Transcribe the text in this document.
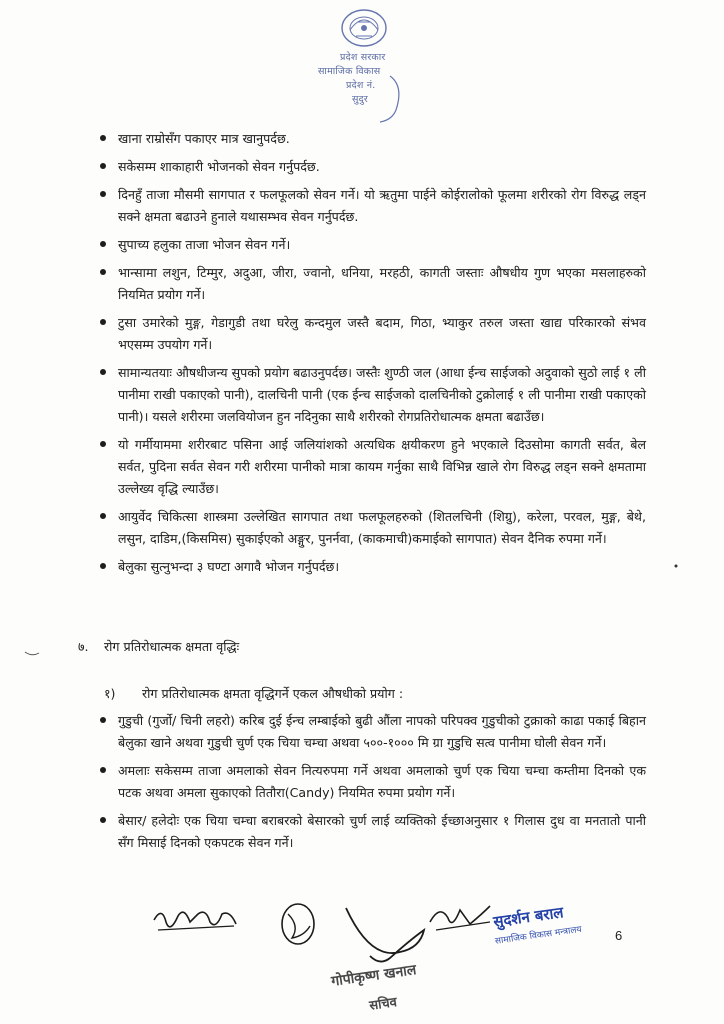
प्रदेश सरकार
सामाजिक विकास
प्रदेश नं.
सुदुर
खाना राम्रोसँग पकाएर मात्र खानुपर्दछ.
सकेसम्म शाकाहारी भोजनको सेवन गर्नुपर्दछ.
दिनहुँ ताजा मौसमी सागपात र फलफूलको सेवन गर्ने। यो ऋतुमा पाईने कोईरालोको फूलमा शरीरको रोग विरुद्ध लड्न सक्ने क्षमता बढाउने हुनाले यथासम्भव सेवन गर्नुपर्दछ.
सुपाच्य हलुका ताजा भोजन सेवन गर्ने।
भान्सामा लशुन, टिम्मुर, अदुआ, जीरा, ज्वानो, धनिया, मरहठी, कागती जस्ताः औषधीय गुण भएका मसलाहरुको नियमित प्रयोग गर्ने।
टुसा उमारेको मुङ्ग, गेडागुडी तथा घरेलु कन्दमुल जस्तै बदाम, गिठा, भ्याकुर तरुल जस्ता खाद्य परिकारको संभव भएसम्म उपयोग गर्ने।
सामान्यतयाः औषधीजन्य सुपको प्रयोग बढाउनुपर्दछ। जस्तैः शुण्ठी जल (आधा ईन्च साईजको अदुवाको सुठो लाई १ ली पानीमा राखी पकाएको पानी), दालचिनी पानी (एक ईन्च साईजको दालचिनीको टुक्रोलाई १ ली पानीमा राखी पकाएको पानी)। यसले शरीरमा जलवियोजन हुन नदिनुका साथै शरीरको रोगप्रतिरोधात्मक क्षमता बढाउँछ।
यो गर्मीयाममा शरीरबाट पसिना आई जलियांशको अत्यधिक क्षयीकरण हुने भएकाले दिउसोमा कागती सर्वत, बेल सर्वत, पुदिना सर्वत सेवन गरी शरीरमा पानीको मात्रा कायम गर्नुका साथै विभिन्न खाले रोग विरुद्ध लड्न सक्ने क्षमतामा उल्लेख्य वृद्धि ल्याउँछ।
आयुर्वेद चिकित्सा शास्त्रमा उल्लेखित सागपात तथा फलफूलहरुको (शितलचिनी (शिग्रु), करेला, परवल, मुङ्ग, बेथे, लसुन, दाडिम,(किसमिस) सुकाईएको अङ्गुर, पुनर्नवा, (काकमाची)कमाईको सागपात) सेवन दैनिक रुपमा गर्ने।
बेलुका सुत्नुभन्दा ३ घण्टा अगावै भोजन गर्नुपर्दछ।
७. रोग प्रतिरोधात्मक क्षमता वृद्धिः
१) रोग प्रतिरोधात्मक क्षमता वृद्धिगर्ने एकल औषधीको प्रयोग :
गुडुची (गुर्जो/ चिनी लहरो) करिब दुई ईन्च लम्बाईको बुढी औंला नापको परिपक्व गुडुचीको टुक्राको काढा पकाई बिहान बेलुका खाने अथवा गुडुची चुर्ण एक चिया चम्चा अथवा ५००-१००० मि ग्रा गुडुचि सत्व पानीमा घोली सेवन गर्ने।
अमलाः सकेसम्म ताजा अमलाको सेवन नित्यरुपमा गर्ने अथवा अमलाको चुर्ण एक चिया चम्चा कम्तीमा दिनको एक पटक अथवा अमला सुकाएको तितौरा(Candy) नियमित रुपमा प्रयोग गर्ने।
बेसार/ हलेदोः एक चिया चम्चा बराबरको बेसारको चुर्ण लाई व्यक्तिको ईच्छाअनुसार १ गिलास दुध वा मनतातो पानी सँग मिसाई दिनको एकपटक सेवन गर्ने।
सुदर्शन बराल
सामाजिक विकास मन्त्रालय
गोपीकृष्ण खनाल
सचिव
6
